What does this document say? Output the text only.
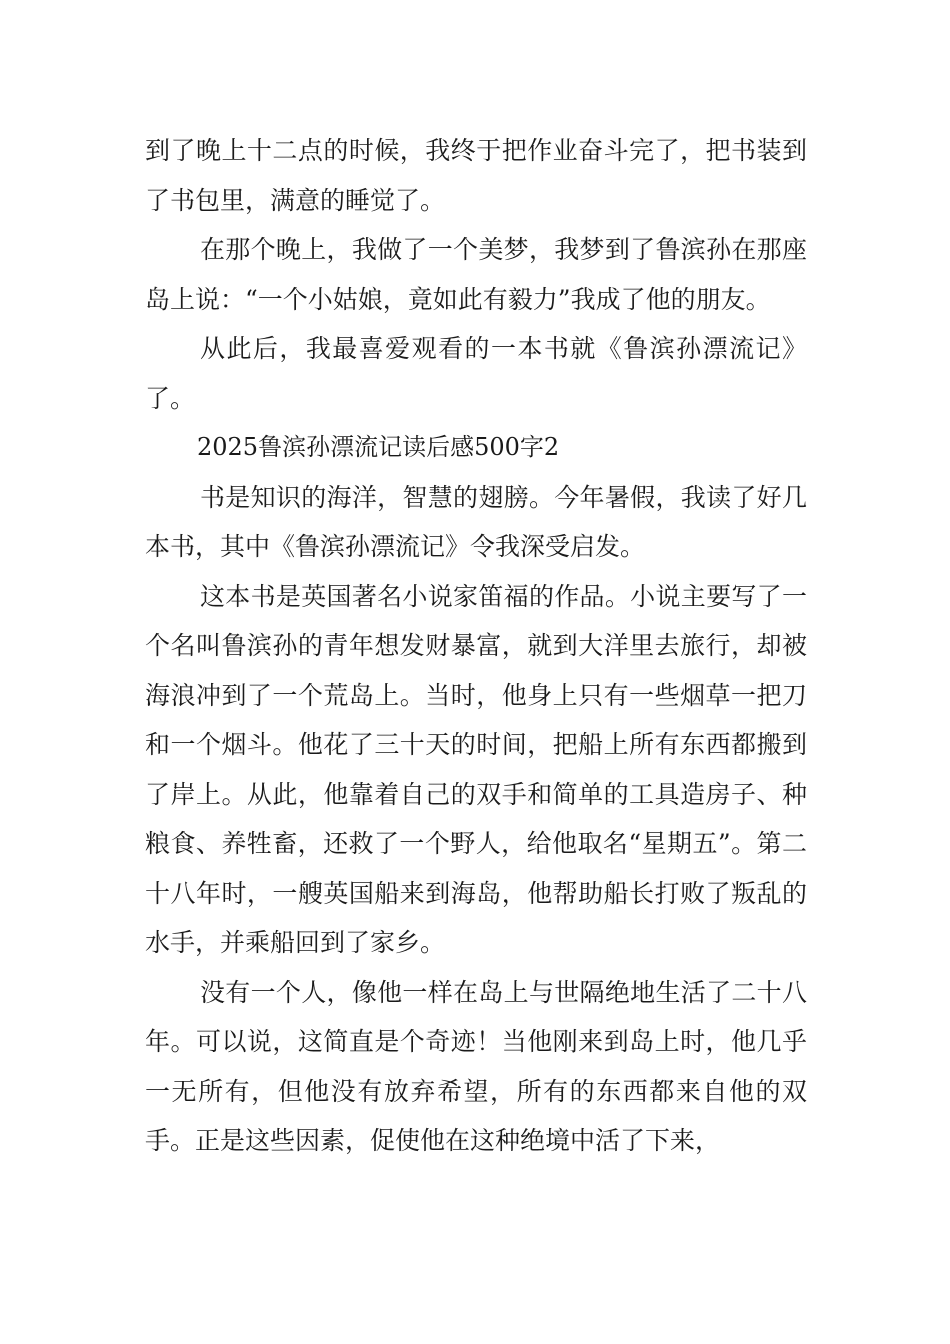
到了晚上十二点的时候，我终于把作业奋斗完了，把书装到了书包里，满意的睡觉了。

在那个晚上，我做了一个美梦，我梦到了鲁滨孙在那座岛上说：“一个小姑娘，竟如此有毅力”我成了他的朋友。

从此后，我最喜爱观看的一本书就《鲁滨孙漂流记》了。

2025鲁滨孙漂流记读后感500字2

书是知识的海洋，智慧的翅膀。今年暑假，我读了好几本书，其中《鲁滨孙漂流记》令我深受启发。

这本书是英国著名小说家笛福的作品。小说主要写了一个名叫鲁滨孙的青年想发财暴富，就到大洋里去旅行，却被海浪冲到了一个荒岛上。当时，他身上只有一些烟草一把刀和一个烟斗。他花了三十天的时间，把船上所有东西都搬到了岸上。从此，他靠着自己的双手和简单的工具造房子、种粮食、养牲畜，还救了一个野人，给他取名“星期五”。第二十八年时，一艘英国船来到海岛，他帮助船长打败了叛乱的水手，并乘船回到了家乡。

没有一个人，像他一样在岛上与世隔绝地生活了二十八年。可以说，这简直是个奇迹！当他刚来到岛上时，他几乎一无所有，但他没有放弃希望，所有的东西都来自他的双手。正是这些因素，促使他在这种绝境中活了下来，
